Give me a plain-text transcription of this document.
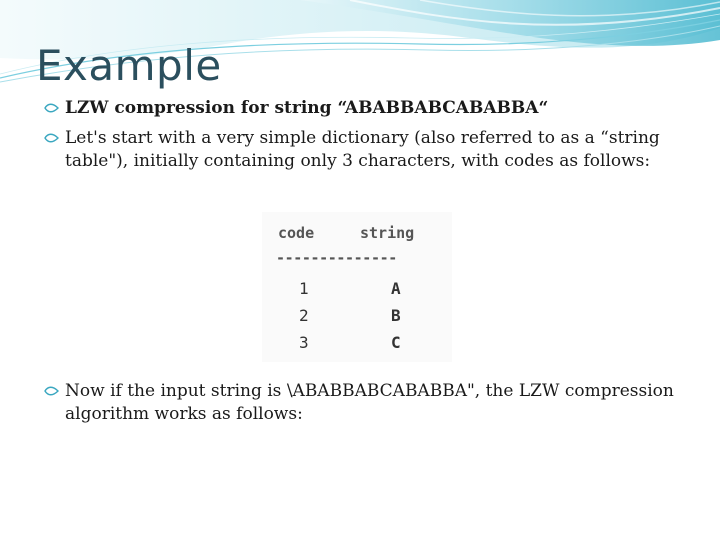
Example
LZW compression for string “ABABBABCABABBA“
Let's start with a very simple dictionary (also referred to as a “string table"), initially containing only 3 characters, with codes as follows:
code	string
--------------
1	A
2	B
3	C
Now if the input string is \ABABBABCABABBA", the LZW compression algorithm works as follows:
